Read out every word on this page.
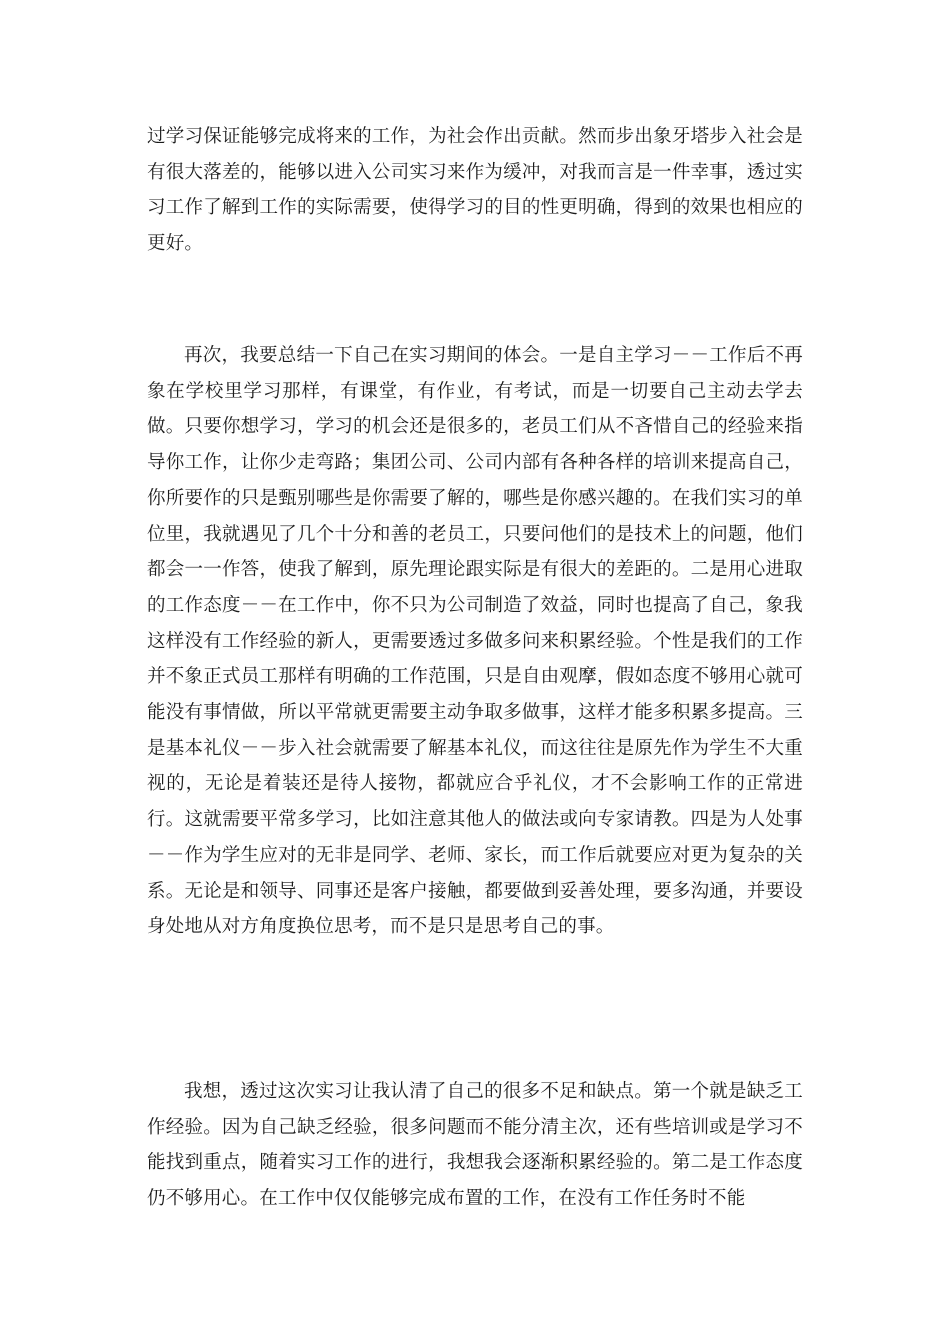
过学习保证能够完成将来的工作，为社会作出贡献。然而步出象牙塔步入社会是有很大落差的，能够以进入公司实习来作为缓冲，对我而言是一件幸事，透过实习工作了解到工作的实际需要，使得学习的目的性更明确，得到的效果也相应的更好。

再次，我要总结一下自己在实习期间的体会。一是自主学习－－工作后不再象在学校里学习那样，有课堂，有作业，有考试，而是一切要自己主动去学去做。只要你想学习，学习的机会还是很多的，老员工们从不吝惜自己的经验来指导你工作，让你少走弯路；集团公司、公司内部有各种各样的培训来提高自己，你所要作的只是甄别哪些是你需要了解的，哪些是你感兴趣的。在我们实习的单位里，我就遇见了几个十分和善的老员工，只要问他们的是技术上的问题，他们都会一一作答，使我了解到，原先理论跟实际是有很大的差距的。二是用心进取的工作态度－－在工作中，你不只为公司制造了效益，同时也提高了自己，象我这样没有工作经验的新人，更需要透过多做多问来积累经验。个性是我们的工作并不象正式员工那样有明确的工作范围，只是自由观摩，假如态度不够用心就可能没有事情做，所以平常就更需要主动争取多做事，这样才能多积累多提高。三是基本礼仪－－步入社会就需要了解基本礼仪，而这往往是原先作为学生不大重视的，无论是着装还是待人接物，都就应合乎礼仪，才不会影响工作的正常进行。这就需要平常多学习，比如注意其他人的做法或向专家请教。四是为人处事－－作为学生应对的无非是同学、老师、家长，而工作后就要应对更为复杂的关系。无论是和领导、同事还是客户接触，都要做到妥善处理，要多沟通，并要设身处地从对方角度换位思考，而不是只是思考自己的事。

我想，透过这次实习让我认清了自己的很多不足和缺点。第一个就是缺乏工作经验。因为自己缺乏经验，很多问题而不能分清主次，还有些培训或是学习不能找到重点，随着实习工作的进行，我想我会逐渐积累经验的。第二是工作态度仍不够用心。在工作中仅仅能够完成布置的工作，在没有工作任务时不能
